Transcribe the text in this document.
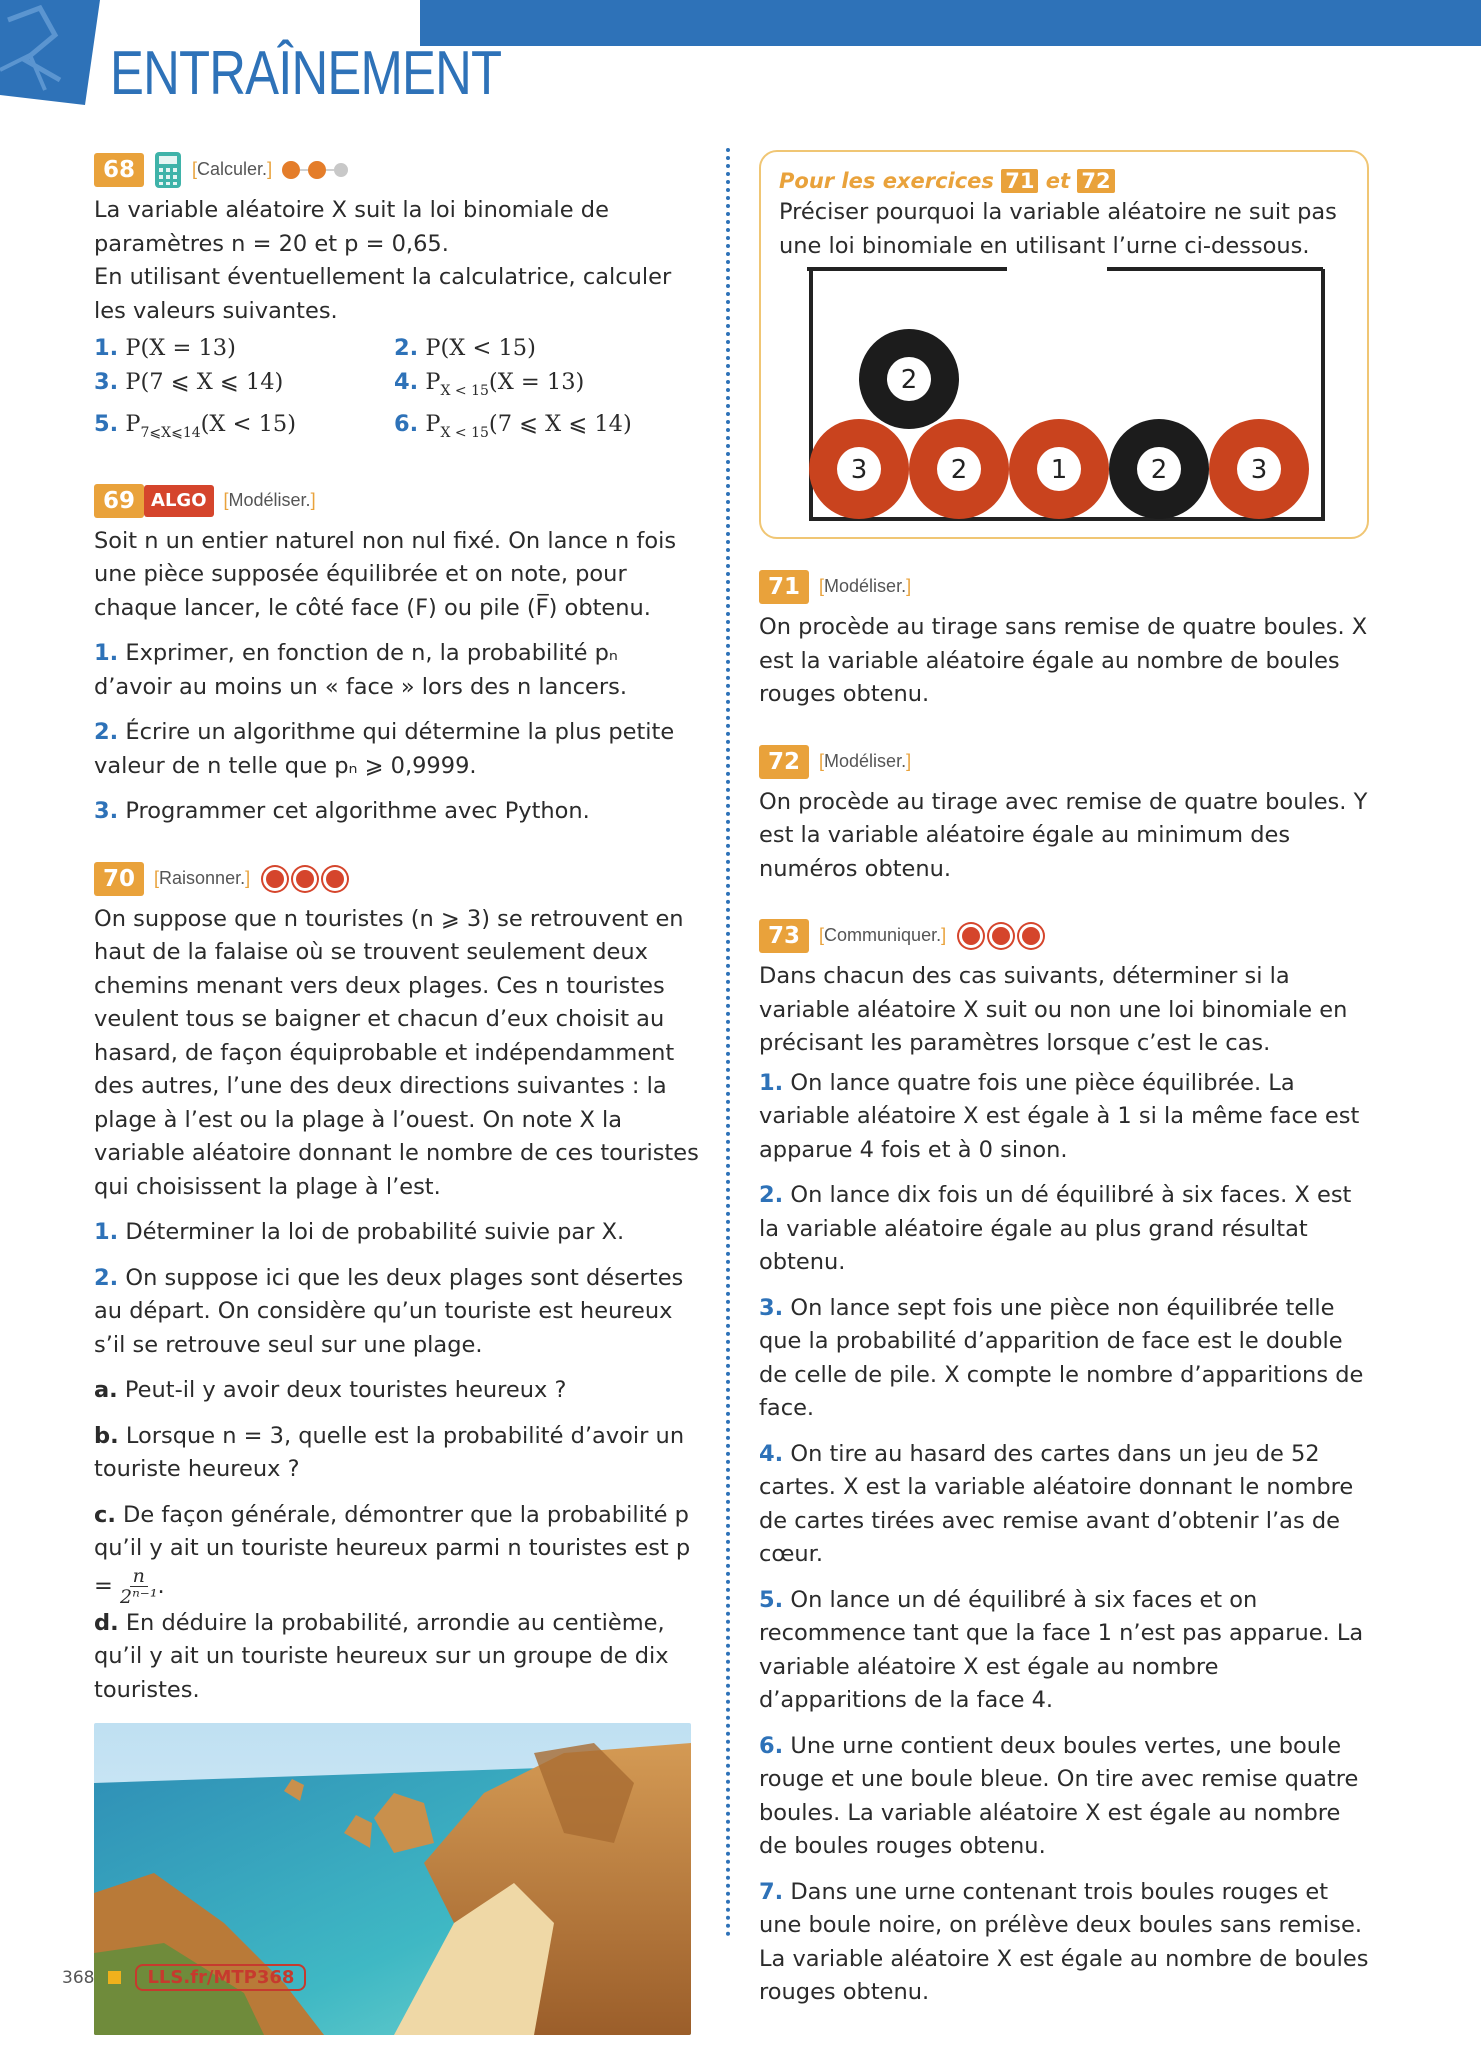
ENTRAÎNEMENT
68	[Calculer.]

La variable aléatoire X suit la loi binomiale de paramètres n = 20 et p = 0,65.

En utilisant éventuellement la calculatrice, calculer les valeurs suivantes.

1. P(X = 13)	2. P(X < 15)
3. P(7 ⩽ X ⩽ 14)	4. $P_{X < 15}(X = 13)$
5. $P_{7⩽X⩽14}(X < 15)$	6. $P_{X < 15}(7$ ⩽ X ⩽ 14)
69 ALGO [Modéliser.]

Soit n un entier naturel non nul fixé. On lance n fois une pièce supposée équilibrée et on note, pour chaque lancer, le côté face (F) ou pile (F̅) obtenu.

1. Exprimer, en fonction de n, la probabilité pₙ d’avoir au moins un « face » lors des n lancers.

2. Écrire un algorithme qui détermine la plus petite valeur de n telle que pₙ ⩾ 0,9999.

3. Programmer cet algorithme avec Python.

70	[Raisonner.]

On suppose que n touristes (n ⩾ 3) se retrouvent en haut de la falaise où se trouvent seulement deux chemins menant vers deux plages. Ces n touristes veulent tous se baigner et chacun d’eux choisit au hasard, de façon équiprobable et indépendamment des autres, l’une des deux directions suivantes : la plage à l’est ou la plage à l’ouest. On note X la variable aléatoire donnant le nombre de ces touristes qui choisissent la plage à l’est.

1. Déterminer la loi de probabilité suivie par X.

2. On suppose ici que les deux plages sont désertes au départ. On considère qu’un touriste est heureux s’il se retrouve seul sur une plage.

a. Peut-il y avoir deux touristes heureux ?

b. Lorsque n = 3, quelle est la probabilité d’avoir un touriste heureux ?

c. De façon générale, démontrer que la probabilité p qu’il y ait un touriste heureux parmi n touristes est $p = \frac{n}{\text{2ⁿ⁻¹}}$ .

d. En déduire la probabilité, arrondie au centième, qu’il y ait un touriste heureux sur un groupe de dix touristes.

Pour les exercices 71 et 72

Préciser pourquoi la variable aléatoire ne suit pas une loi binomiale en utilisant l’urne ci-dessous.

2
3	2	1	2	3
71	[Modéliser.]

On procède au tirage sans remise de quatre boules. X est la variable aléatoire égale au nombre de boules rouges obtenu.

72	[Modéliser.]

On procède au tirage avec remise de quatre boules. Y est la variable aléatoire égale au minimum des numéros obtenu.

73	[Communiquer.]

Dans chacun des cas suivants, déterminer si la variable aléatoire X suit ou non une loi binomiale en précisant les paramètres lorsque c’est le cas.

1. On lance quatre fois une pièce équilibrée. La variable aléatoire X est égale à 1 si la même face est apparue 4 fois et à 0 sinon.

2. On lance dix fois un dé équilibré à six faces. X est la variable aléatoire égale au plus grand résultat obtenu.

3. On lance sept fois une pièce non équilibrée telle que la probabilité d’apparition de face est le double de celle de pile. X compte le nombre d’apparitions de face.

4. On tire au hasard des cartes dans un jeu de 52 cartes. X est la variable aléatoire donnant le nombre de cartes tirées avec remise avant d’obtenir l’as de cœur.

5. On lance un dé équilibré à six faces et on recommence tant que la face 1 n’est pas apparue. La variable aléatoire X est égale au nombre d’apparitions de la face 4.

6. Une urne contient deux boules vertes, une boule rouge et une boule bleue. On tire avec remise quatre boules. La variable aléatoire X est égale au nombre de boules rouges obtenu.

7. Dans une urne contenant trois boules rouges et une boule noire, on prélève deux boules sans remise. La variable aléatoire X est égale au nombre de boules rouges obtenu.

368	LLS.fr/MTP368
